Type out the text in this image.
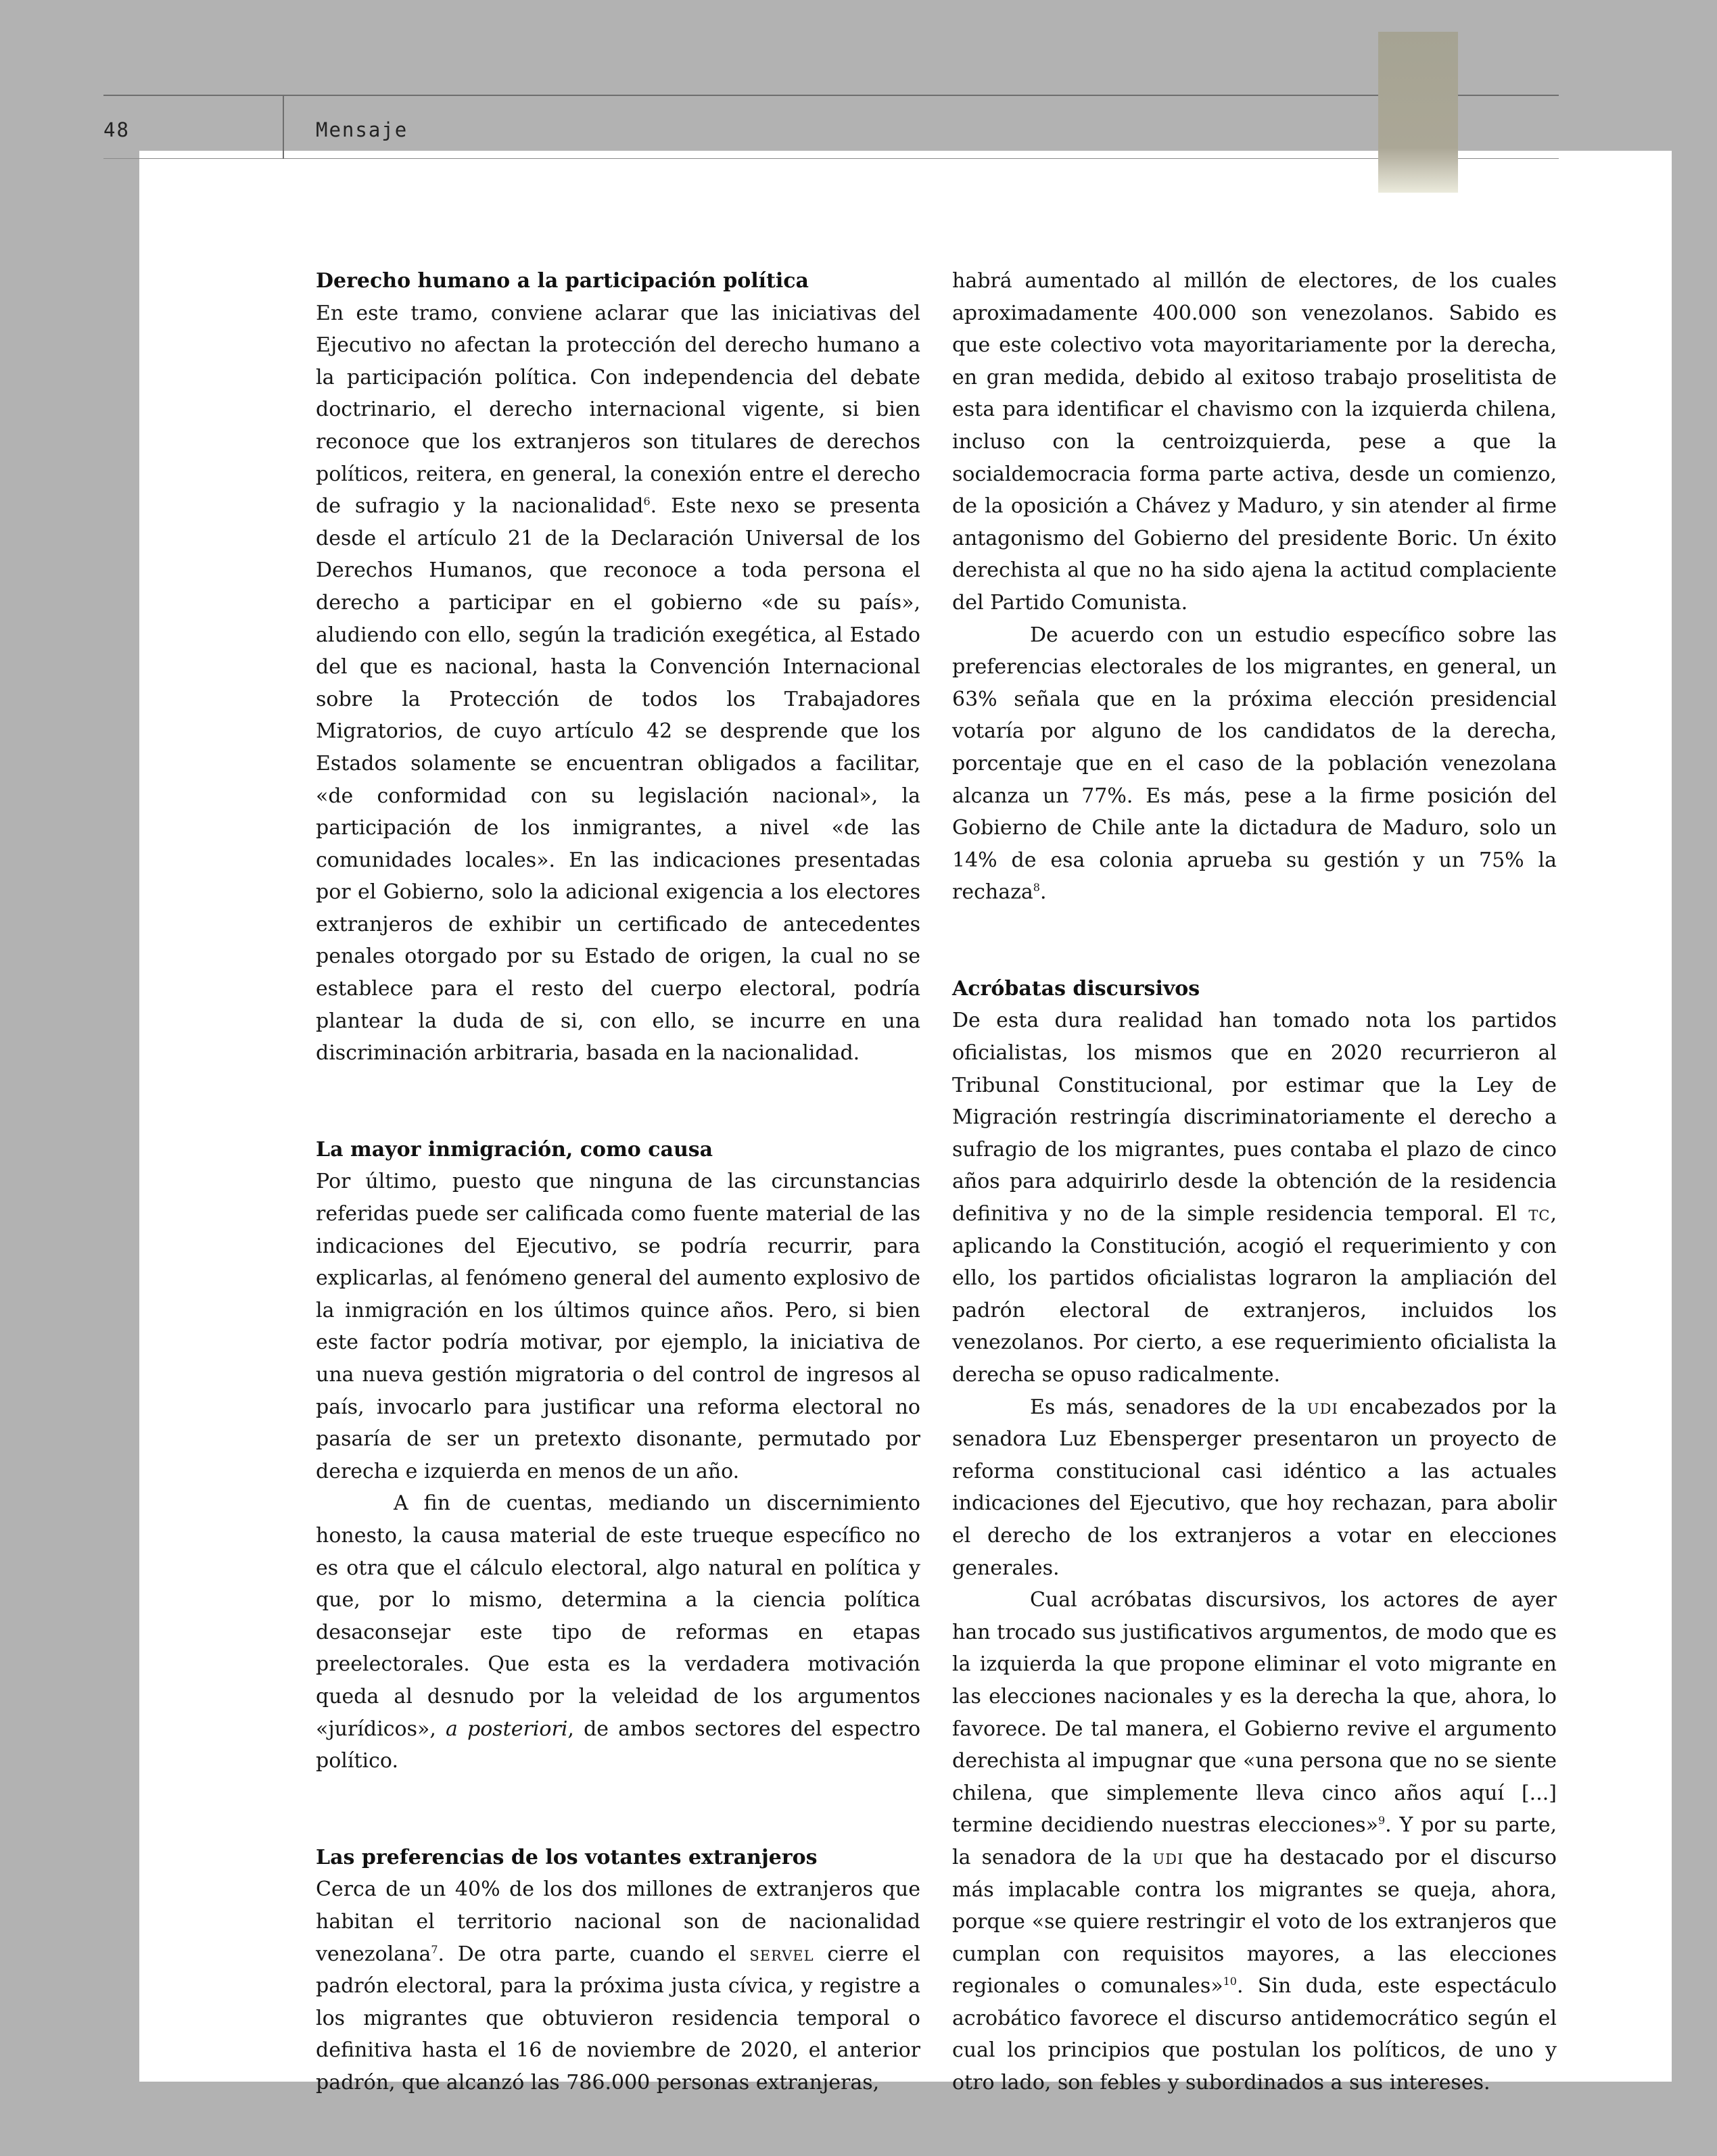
48	Mensaje
Derecho humano a la participación política

En este tramo, conviene aclarar que las iniciativas del Ejecutivo no afectan la protección del derecho humano a la participación política. Con independencia del debate doctrinario, el derecho internacional vigente, si bien reconoce que los extranjeros son titulares de derechos políticos, reitera, en general, la conexión entre el derecho de sufragio y la nacionalidad$^6$. Este nexo se presenta desde el artículo 21 de la Declaración Universal de los Derechos Humanos, que reconoce a toda persona el derecho a participar en el gobierno «de su país», aludiendo con ello, según la tradición exegética, al Estado del que es nacional, hasta la Convención Internacional sobre la Protección de todos los Trabajadores Migratorios, de cuyo artículo 42 se desprende que los Estados solamente se encuentran obligados a facilitar, «de conformidad con su legislación nacional», la participación de los inmigrantes, a nivel «de las comunidades locales». En las indicaciones presentadas por el Gobierno, solo la adicional exigencia a los electores extranjeros de exhibir un certificado de antecedentes penales otorgado por su Estado de origen, la cual no se establece para el resto del cuerpo electoral, podría plantear la duda de si, con ello, se incurre en una discriminación arbitraria, basada en la nacionalidad.

La mayor inmigración, como causa

Por último, puesto que ninguna de las circunstancias referidas puede ser calificada como fuente material de las indicaciones del Ejecutivo, se podría recurrir, para explicarlas, al fenómeno general del aumento explosivo de la inmigración en los últimos quince años. Pero, si bien este factor podría motivar, por ejemplo, la iniciativa de una nueva gestión migratoria o del control de ingresos al país, invocarlo para justificar una reforma electoral no pasaría de ser un pretexto disonante, permutado por derecha e izquierda en menos de un año.

A fin de cuentas, mediando un discernimiento honesto, la causa material de este trueque específico no es otra que el cálculo electoral, algo natural en política y que, por lo mismo, determina a la ciencia política desaconsejar este tipo de reformas en etapas preelectorales. Que esta es la verdadera motivación queda al desnudo por la veleidad de los argumentos «jurídicos», a posteriori, de ambos sectores del espectro político.

Las preferencias de los votantes extranjeros

Cerca de un 40% de los dos millones de extranjeros que habitan el territorio nacional son de nacionalidad venezolana$^7$. De otra parte, cuando el servel cierre el padrón electoral, para la próxima justa cívica, y registre a los migrantes que obtuvieron residencia temporal o definitiva hasta el 16 de noviembre de 2020, el anterior padrón, que alcanzó las 786.000 personas extranjeras,

habrá aumentado al millón de electores, de los cuales aproximadamente 400.000 son venezolanos. Sabido es que este colectivo vota mayoritariamente por la derecha, en gran medida, debido al exitoso trabajo proselitista de esta para identificar el chavismo con la izquierda chilena, incluso con la centroizquierda, pese a que la socialdemocracia forma parte activa, desde un comienzo, de la oposición a Chávez y Maduro, y sin atender al firme antagonismo del Gobierno del presidente Boric. Un éxito derechista al que no ha sido ajena la actitud complaciente del Partido Comunista.

De acuerdo con un estudio específico sobre las preferencias electorales de los migrantes, en general, un 63% señala que en la próxima elección presidencial votaría por alguno de los candidatos de la derecha, porcentaje que en el caso de la población venezolana alcanza un 77%. Es más, pese a la firme posición del Gobierno de Chile ante la dictadura de Maduro, solo un 14% de esa colonia aprueba su gestión y un 75% la rechaza$^8$.

Acróbatas discursivos

De esta dura realidad han tomado nota los partidos oficialistas, los mismos que en 2020 recurrieron al Tribunal Constitucional, por estimar que la Ley de Migración restringía discriminatoriamente el derecho a sufragio de los migrantes, pues contaba el plazo de cinco años para adquirirlo desde la obtención de la residencia definitiva y no de la simple residencia temporal. El tc, aplicando la Constitución, acogió el requerimiento y con ello, los partidos oficialistas lograron la ampliación del padrón electoral de extranjeros, incluidos los venezolanos. Por cierto, a ese requerimiento oficialista la derecha se opuso radicalmente.

Es más, senadores de la udi encabezados por la senadora Luz Ebensperger presentaron un proyecto de reforma constitucional casi idéntico a las actuales indicaciones del Ejecutivo, que hoy rechazan, para abolir el derecho de los extranjeros a votar en elecciones generales.

Cual acróbatas discursivos, los actores de ayer han trocado sus justificativos argumentos, de modo que es la izquierda la que propone eliminar el voto migrante en las elecciones nacionales y es la derecha la que, ahora, lo favorece. De tal manera, el Gobierno revive el argumento derechista al impugnar que «una persona que no se siente chilena, que simplemente lleva cinco años aquí [...] termine decidiendo nuestras elecciones»$^9$. Y por su parte, la senadora de la udi que ha destacado por el discurso más implacable contra los migrantes se queja, ahora, porque «se quiere restringir el voto de los extranjeros que cumplan con requisitos mayores, a las elecciones regionales o comunales»$^{10}$. Sin duda, este espectáculo acrobático favorece el discurso antidemocrático según el cual los principios que postulan los políticos, de uno y otro lado, son febles y subordinados a sus intereses.
